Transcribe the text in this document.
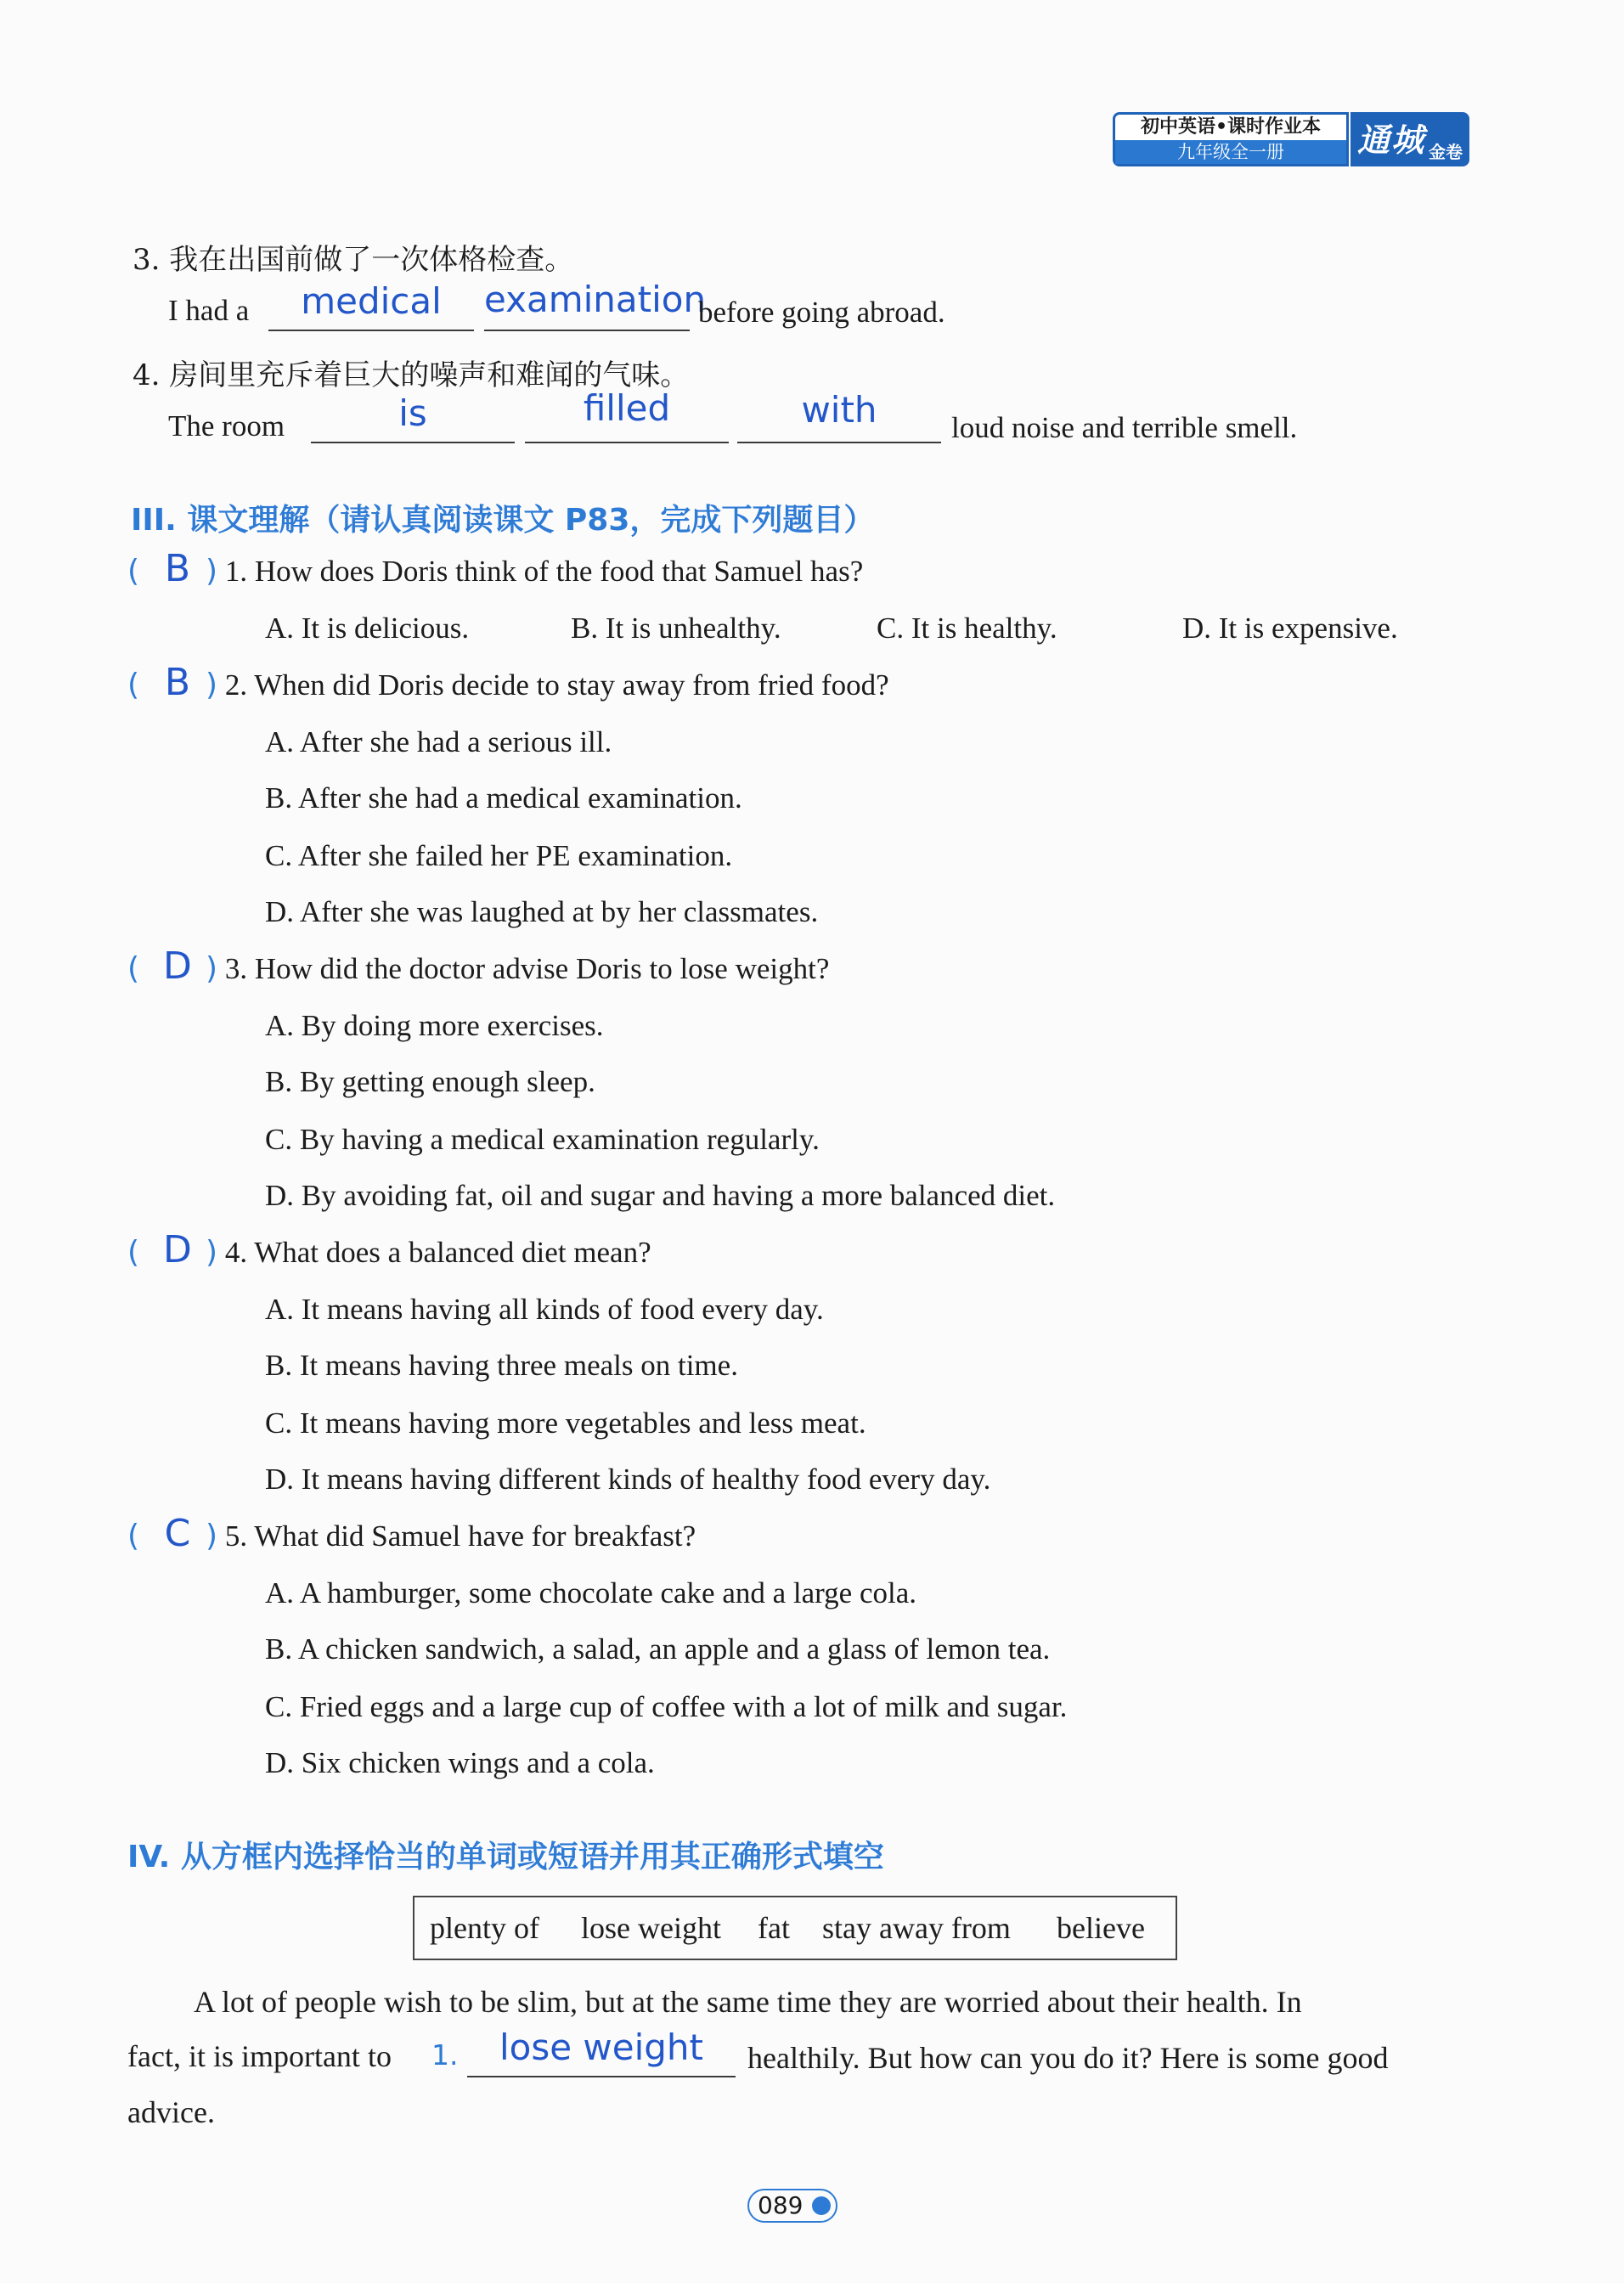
初中英语•课时作业本
九年级全一册	通城 金卷
3. 我在出国前做了一次体格检查。
I had a	medical	examination
before going abroad.
4. 房间里充斥着巨大的噪声和难闻的气味。
The room	is	filled	with	loud noise and terrible smell.
III. 课文理解（请认真阅读课文 P83，完成下列题目）
( ) 1. How does Doris think of the food that Samuel has?
B
A. It is delicious.	B. It is unhealthy.	C. It is healthy.	D. It is expensive.
( ) 2. When did Doris decide to stay away from fried food?
B
A. After she had a serious ill.
B. After she had a medical examination.
C. After she failed her PE examination.
D. After she was laughed at by her classmates.
( ) 3. How did the doctor advise Doris to lose weight?
D
A. By doing more exercises.
B. By getting enough sleep.
C. By having a medical examination regularly.
D. By avoiding fat, oil and sugar and having a more balanced diet.
( ) 4. What does a balanced diet mean?
D
A. It means having all kinds of food every day.
B. It means having three meals on time.
C. It means having more vegetables and less meat.
D. It means having different kinds of healthy food every day.
( ) 5. What did Samuel have for breakfast?
C
A. A hamburger, some chocolate cake and a large cola.
B. A chicken sandwich, a salad, an apple and a glass of lemon tea.
C. Fried eggs and a large cup of coffee with a lot of milk and sugar.
D. Six chicken wings and a cola.
IV. 从方框内选择恰当的单词或短语并用其正确形式填空
plenty of lose weight fat stay away from believe
A lot of people wish to be slim, but at the same time they are worried about their health. In
fact, it is important to 1.	lose weight	healthily. But how can you do it? Here is some good
advice.
089
